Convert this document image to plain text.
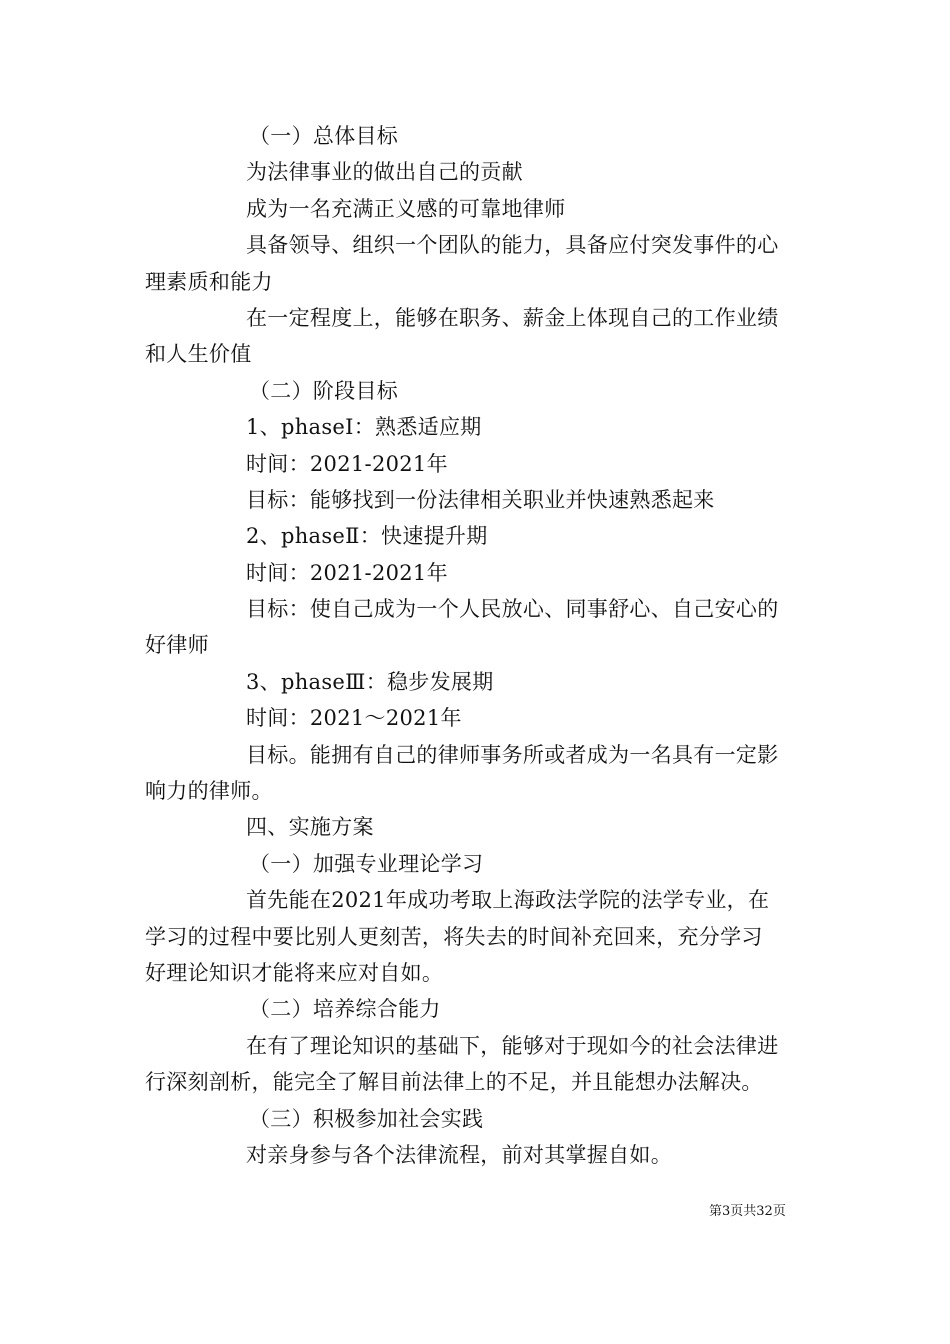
（一）总体目标
为法律事业的做出自己的贡献
成为一名充满正义感的可靠地律师
具备领导、组织一个团队的能力，具备应付突发事件的心
理素质和能力
在一定程度上，能够在职务、薪金上体现自己的工作业绩
和人生价值
（二）阶段目标
1、phaseⅠ：熟悉适应期
时间：2021-2021年
目标：能够找到一份法律相关职业并快速熟悉起来
2、phaseⅡ：快速提升期
时间：2021-2021年
目标：使自己成为一个人民放心、同事舒心、自己安心的
好律师
3、phaseⅢ：稳步发展期
时间：2021～2021年
目标。能拥有自己的律师事务所或者成为一名具有一定影
响力的律师。
四、实施方案
（一）加强专业理论学习
首先能在2021年成功考取上海政法学院的法学专业，在
学习的过程中要比别人更刻苦，将失去的时间补充回来，充分学习
好理论知识才能将来应对自如。
（二）培养综合能力
在有了理论知识的基础下，能够对于现如今的社会法律进
行深刻剖析，能完全了解目前法律上的不足，并且能想办法解决。
（三）积极参加社会实践
对亲身参与各个法律流程，前对其掌握自如。
第3页共32页
